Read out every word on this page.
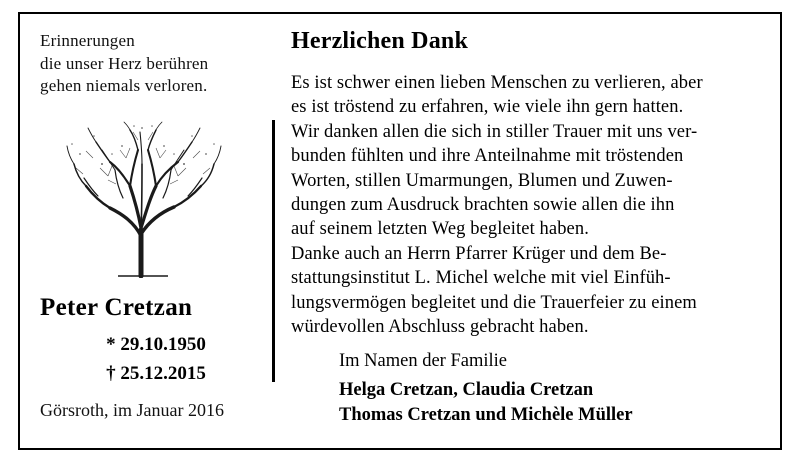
Erinnerungen
die unser Herz berühren
gehen niemals verloren.
Peter Cretzan
* 29.10.1950
† 25.12.2015
Görsroth, im Januar 2016
Herzlichen Dank

Es ist schwer einen lieben Menschen zu verlieren, aber

es ist tröstend zu erfahren, wie viele ihn gern hatten.

Wir danken allen die sich in stiller Trauer mit uns ver-

bunden fühlten und ihre Anteilnahme mit tröstenden

Worten, stillen Umarmungen, Blumen und Zuwen-

dungen zum Ausdruck brachten sowie allen die ihn

auf seinem letzten Weg begleitet haben.

Danke auch an Herrn Pfarrer Krüger und dem Be-

stattungsinstitut L. Michel welche mit viel Einfüh-

lungsvermögen begleitet und die Trauerfeier zu einem

würdevollen Abschluss gebracht haben.

Im Namen der Familie
Helga Cretzan, Claudia Cretzan
Thomas Cretzan und Michèle Müller
